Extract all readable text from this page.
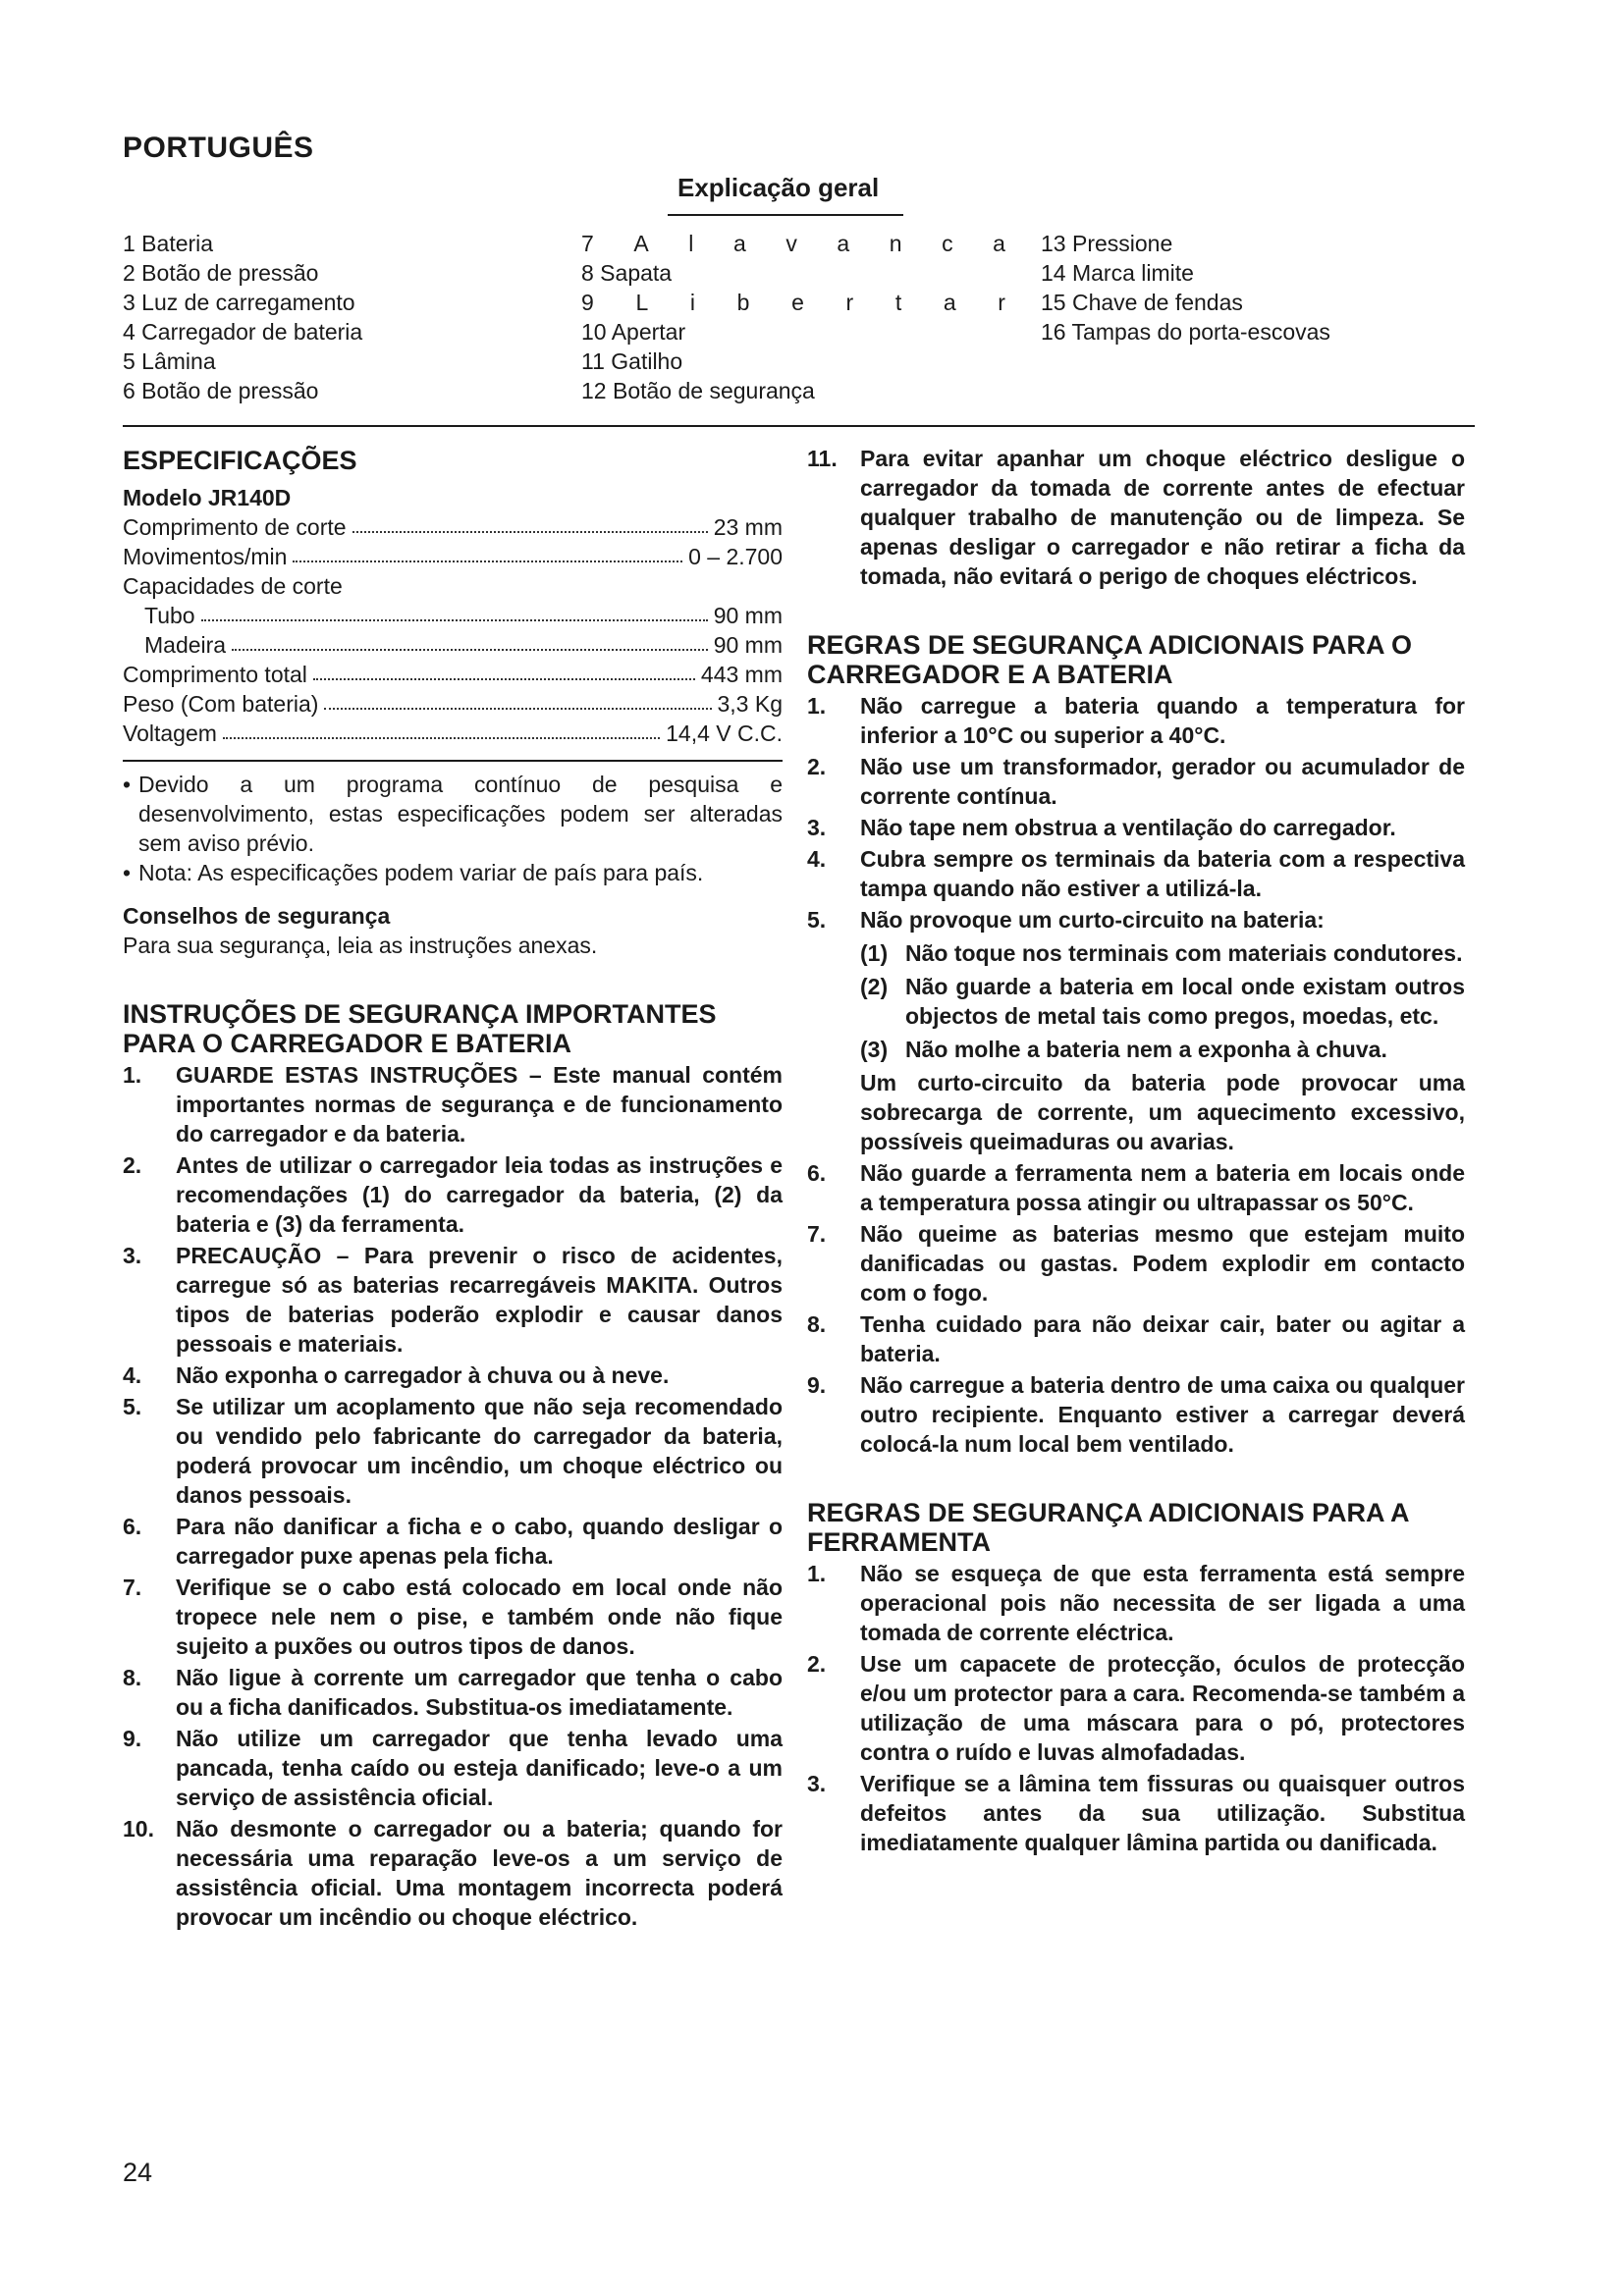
PORTUGUÊS
Explicação geral
1 Bateria
2 Botão de pressão
3 Luz de carregamento
4 Carregador de bateria
5 Lâmina
6 Botão de pressão
7 A l a v a n c a
8 Sapata
9 L i b e r t a r
10 Apertar
11 Gatilho
12 Botão de segurança
13 Pressione
14 Marca limite
15 Chave de fendas
16 Tampas do porta-escovas
ESPECIFICAÇÕES
Modelo JR140D
Comprimento de corte	23 mm
Movimentos/min	0 – 2.700
Capacidades de corte
Tubo	90 mm
Madeira	90 mm
Comprimento total	443 mm
Peso (Com bateria)	3,3 Kg
Voltagem	14,4 V C.C.
• Devido a um programa contínuo de pesquisa e desenvolvimento, estas especificações podem ser alteradas sem aviso prévio.
• Nota: As especificações podem variar de país para país.
Conselhos de segurança
Para sua segurança, leia as instruções anexas.
INSTRUÇÕES DE SEGURANÇA IMPORTANTES PARA O CARREGADOR E BATERIA
1.	GUARDE ESTAS INSTRUÇÕES – Este manual contém importantes normas de segurança e de funcionamento do carregador e da bateria.
2.	Antes de utilizar o carregador leia todas as instruções e recomendações (1) do carregador da bateria, (2) da bateria e (3) da ferramenta.
3.	PRECAUÇÃO – Para prevenir o risco de acidentes, carregue só as baterias recarregáveis MAKITA. Outros tipos de baterias poderão explodir e causar danos pessoais e materiais.
4.	Não exponha o carregador à chuva ou à neve.
5.	Se utilizar um acoplamento que não seja recomendado ou vendido pelo fabricante do carregador da bateria, poderá provocar um incêndio, um choque eléctrico ou danos pessoais.
6.	Para não danificar a ficha e o cabo, quando desligar o carregador puxe apenas pela ficha.
7.	Verifique se o cabo está colocado em local onde não tropece nele nem o pise, e também onde não fique sujeito a puxões ou outros tipos de danos.
8.	Não ligue à corrente um carregador que tenha o cabo ou a ficha danificados. Substitua-os imediatamente.
9.	Não utilize um carregador que tenha levado uma pancada, tenha caído ou esteja danificado; leve-o a um serviço de assistência oficial.
10. Não desmonte o carregador ou a bateria; quando for necessária uma reparação leve-os a um serviço de assistência oficial. Uma montagem incorrecta poderá provocar um incêndio ou choque eléctrico.
11.	Para evitar apanhar um choque eléctrico desligue o carregador da tomada de corrente antes de efectuar qualquer trabalho de manutenção ou de limpeza. Se apenas desligar o carregador e não retirar a ficha da tomada, não evitará o perigo de choques eléctricos.
REGRAS DE SEGURANÇA ADICIONAIS PARA O CARREGADOR E A BATERIA
1.	Não carregue a bateria quando a temperatura for inferior a 10°C ou superior a 40°C.
2.	Não use um transformador, gerador ou acumulador de corrente contínua.
3.	Não tape nem obstrua a ventilação do carregador.
4.	Cubra sempre os terminais da bateria com a respectiva tampa quando não estiver a utilizá-la.
5.	Não provoque um curto-circuito na bateria:
(1) Não toque nos terminais com materiais condutores.
(2) Não guarde a bateria em local onde existam outros objectos de metal tais como pregos, moedas, etc.
(3) Não molhe a bateria nem a exponha à chuva.
Um curto-circuito da bateria pode provocar uma sobrecarga de corrente, um aquecimento excessivo, possíveis queimaduras ou avarias.
6.	Não guarde a ferramenta nem a bateria em locais onde a temperatura possa atingir ou ultrapassar os 50°C.
7.	Não queime as baterias mesmo que estejam muito danificadas ou gastas. Podem explodir em contacto com o fogo.
8.	Tenha cuidado para não deixar cair, bater ou agitar a bateria.
9.	Não carregue a bateria dentro de uma caixa ou qualquer outro recipiente. Enquanto estiver a carregar deverá colocá-la num local bem ventilado.
REGRAS DE SEGURANÇA ADICIONAIS PARA A FERRAMENTA
1.	Não se esqueça de que esta ferramenta está sempre operacional pois não necessita de ser ligada a uma tomada de corrente eléctrica.
2.	Use um capacete de protecção, óculos de protecção e/ou um protector para a cara. Recomenda-se também a utilização de uma máscara para o pó, protectores contra o ruído e luvas almofadadas.
3.	Verifique se a lâmina tem fissuras ou quaisquer outros defeitos antes da sua utilização. Substitua imediatamente qualquer lâmina partida ou danificada.
24
